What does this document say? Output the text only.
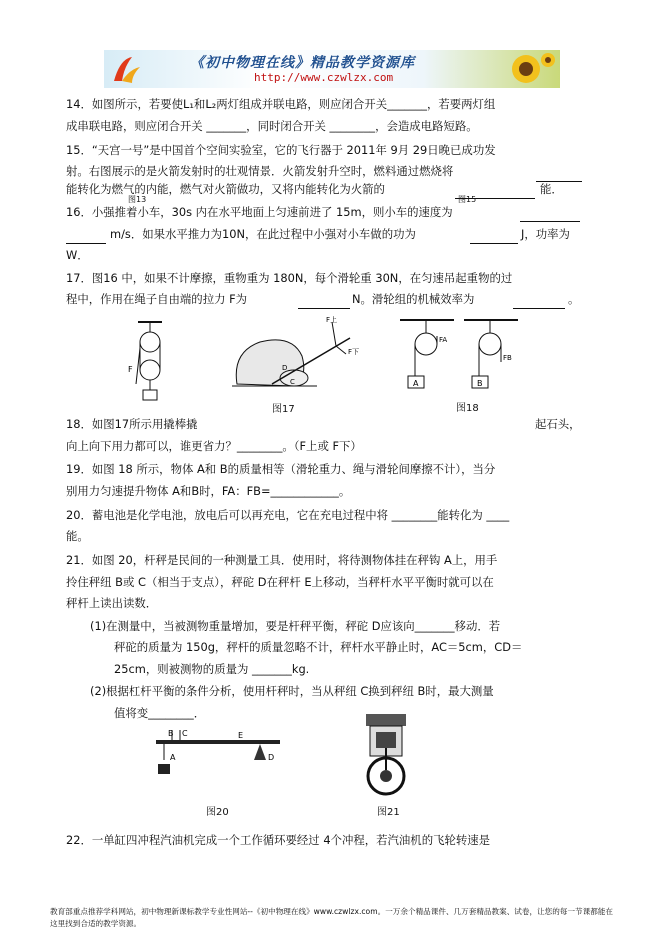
《初中物理在线》精品教学资源库
http://www.czwlzx.com
14．如图所示，若要使L₁和L₂两灯组成并联电路，则应闭合开关_______，若要两灯组
成串联电路，则应闭合开关 _______，同时闭合开关 ________，会造成电路短路。
15．“天宫一号”是中国首个空间实验室，它的飞行器于 2011年 9月 29日晚已成功发
射。右图展示的是火箭发射时的壮观情景．火箭发射升空时，燃料通过燃烧将
能转化为燃气的内能，燃气对火箭做功，又将内能转化为火箭的	能．
图13	图15
16．小强推着小车，30s 内在水平地面上匀速前进了 15m，则小车的速度为
m/s．如果水平推力为10N，在此过程中小强对小车做的功为	J，功率为
W．
17．图16 中，如果不计摩擦，重物重为 180N，每个滑轮重 30N，在匀速吊起重物的过
程中，作用在绳子自由端的拉力 F为	N。滑轮组的机械效率为	。
F
F上
F下
D
C	A
FA
B
FB
图17	图18
18．如图17所示用撬棒撬	起石头，
向上向下用力都可以，谁更省力？________。（F上或 F下）
19．如图 18 所示，物体 A和 B的质量相等（滑轮重力、绳与滑轮间摩擦不计），当分
别用力匀速提升物体 A和B时，FA：FB=____________。
20．蓄电池是化学电池，放电后可以再充电，它在充电过程中将 ________能转化为 ____
能。
21．如图 20，杆秤是民间的一种测量工具．使用时，将待测物体挂在秤钩 A上，用手
拎住秤纽 B或 C（相当于支点），秤砣 D在秤杆 E上移动，当秤杆水平平衡时就可以在
秤杆上读出读数．
(1)在测量中，当被测物重量增加，要是杆秤平衡，秤砣 D应该向_______移动．若
秤砣的质量为 150g，秤杆的质量忽略不计，秤杆水平静止时，AC＝5cm，CD＝
25cm，则被测物的质量为 _______kg.
(2)根据杠杆平衡的条件分析，使用杆秤时，当从秤纽 C换到秤纽 B时，最大测量
值将变________．
B C	E
A	D
图20	图21
22．一单缸四冲程汽油机完成一个工作循环要经过 4个冲程，若汽油机的飞轮转速是
教育部重点推荐学科网站，初中物理新课标教学专业性网站--《初中物理在线》www.czwlzx.com。一万余个精品课件、几万套精品教案、试卷，让您的每一节课都能在这里找到合适的教学资源。
